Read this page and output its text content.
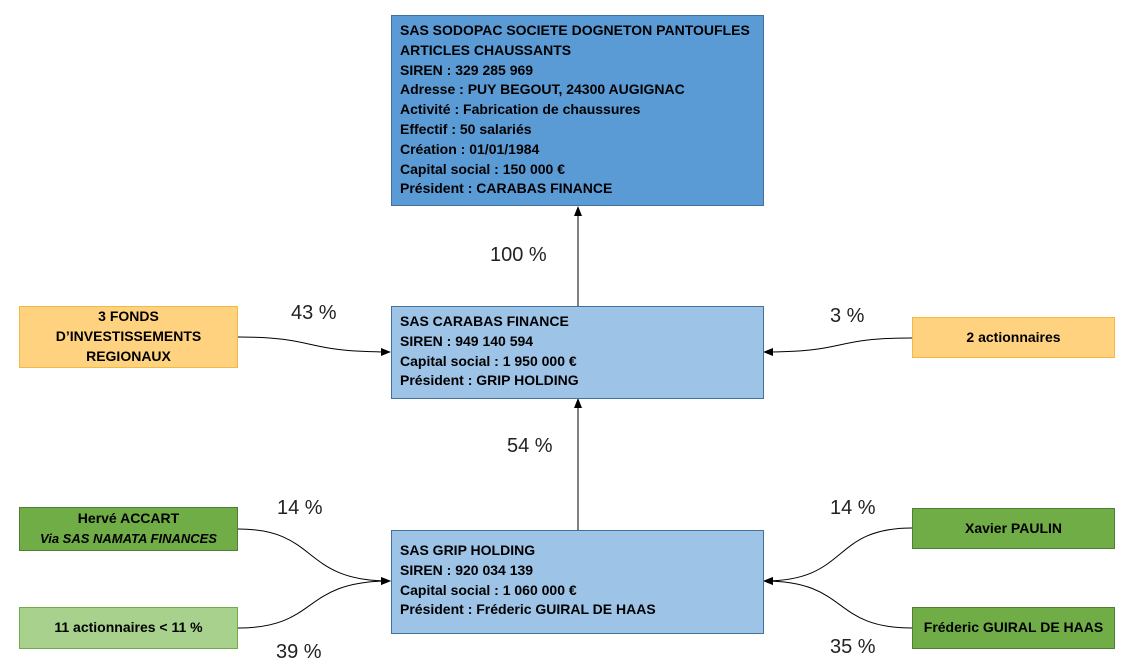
SAS SODOPAC SOCIETE DOGNETON PANTOUFLES
ARTICLES CHAUSSANTS
SIREN : 329 285 969
Adresse : PUY BEGOUT, 24300 AUGIGNAC
Activité : Fabrication de chaussures
Effectif : 50 salariés
Création : 01/01/1984
Capital social : 150 000 €
Président : CARABAS FINANCE
SAS CARABAS FINANCE
SIREN : 949 140 594
Capital social : 1 950 000 €
Président : GRIP HOLDING
SAS GRIP HOLDING
SIREN : 920 034 139
Capital social : 1 060 000 €
Président : Fréderic GUIRAL DE HAAS
3 FONDS
D’INVESTISSEMENTS
REGIONAUX
2 actionnaires
Hervé ACCART
Via SAS NAMATA FINANCES
11 actionnaires < 11 %
Xavier PAULIN
Fréderic GUIRAL DE HAAS
100 %
43 %	3 %
54 %
14 %
39 %
14 %
35 %
